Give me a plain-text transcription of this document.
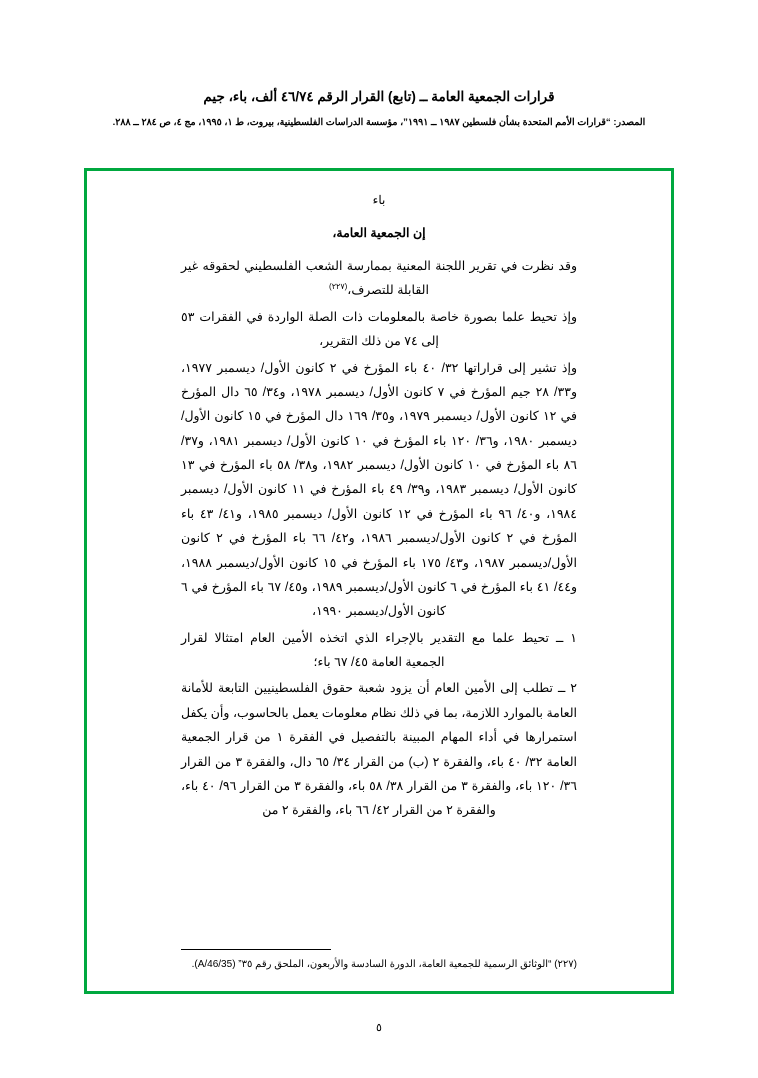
قرارات الجمعية العامة ــ (تابع) القرار الرقم ٤٦/٧٤ ألف، باء، جيم
المصدر: “قرارات الأمم المتحدة بشأن فلسطين ١٩٨٧ ــ ١٩٩١”، مؤسسة الدراسات الفلسطينية، بيروت، ط ١، ١٩٩٥، مج ٤، ص ٢٨٤ ــ ٢٨٨.
باء
إن الجمعية العامة،

وقد نظرت في تقرير اللجنة المعنية بممارسة الشعب الفلسطيني لحقوقه غير القابلة للتصرف،$^{(٢٢٧)}$

وإذ تحيط علما بصورة خاصة بالمعلومات ذات الصلة الواردة في الفقرات ٥٣ إلى ٧٤ من ذلك التقرير،

وإذ تشير إلى قراراتها ٣٢/ ٤٠ باء المؤرخ في ٢ كانون الأول/ ديسمبر ١٩٧٧، و٣٣/ ٢٨ جيم المؤرخ في ٧ كانون الأول/ ديسمبر ١٩٧٨، و٣٤/ ٦٥ دال المؤرخ في ١٢ كانون الأول/ ديسمبر ١٩٧٩، و٣٥/ ١٦٩ دال المؤرخ في ١٥ كانون الأول/ ديسمبر ١٩٨٠، و٣٦/ ١٢٠ باء المؤرخ في ١٠ كانون الأول/ ديسمبر ١٩٨١، و٣٧/ ٨٦ باء المؤرخ في ١٠ كانون الأول/ ديسمبر ١٩٨٢، و٣٨/ ٥٨ باء المؤرخ في ١٣ كانون الأول/ ديسمبر ١٩٨٣، و٣٩/ ٤٩ باء المؤرخ في ١١ كانون الأول/ ديسمبر ١٩٨٤، و٤٠/ ٩٦ باء المؤرخ في ١٢ كانون الأول/ ديسمبر ١٩٨٥، و٤١/ ٤٣ باء المؤرخ في ٢ كانون الأول/ديسمبر ١٩٨٦، و٤٢/ ٦٦ باء المؤرخ في ٢ كانون الأول/ديسمبر ١٩٨٧، و٤٣/ ١٧٥ باء المؤرخ في ١٥ كانون الأول/ديسمبر ١٩٨٨، و٤٤/ ٤١ باء المؤرخ في ٦ كانون الأول/ديسمبر ١٩٨٩، و٤٥/ ٦٧ باء المؤرخ في ٦ كانون الأول/ديسمبر ١٩٩٠،

١ ــ تحيط علما مع التقدير بالإجراء الذي اتخذه الأمين العام امتثالا لقرار الجمعية العامة ٤٥/ ٦٧ باء؛

٢ ــ تطلب إلى الأمين العام أن يزود شعبة حقوق الفلسطينيين التابعة للأمانة العامة بالموارد اللازمة، بما في ذلك نظام معلومات يعمل بالحاسوب، وأن يكفل استمرارها في أداء المهام المبينة بالتفصيل في الفقرة ١ من قرار الجمعية العامة ٣٢/ ٤٠ باء، والفقرة ٢ (ب) من القرار ٣٤/ ٦٥ دال، والفقرة ٣ من القرار ٣٦/ ١٢٠ باء، والفقرة ٣ من القرار ٣٨/ ٥٨ باء، والفقرة ٣ من القرار ٩٦/ ٤٠ باء، والفقرة ٢ من القرار ٤٢/ ٦٦ باء، والفقرة ٢ من

(٢٢٧) “الوثائق الرسمية للجمعية العامة، الدورة السادسة والأربعون، الملحق رقم ٣٥” (A/46/35).
٥
